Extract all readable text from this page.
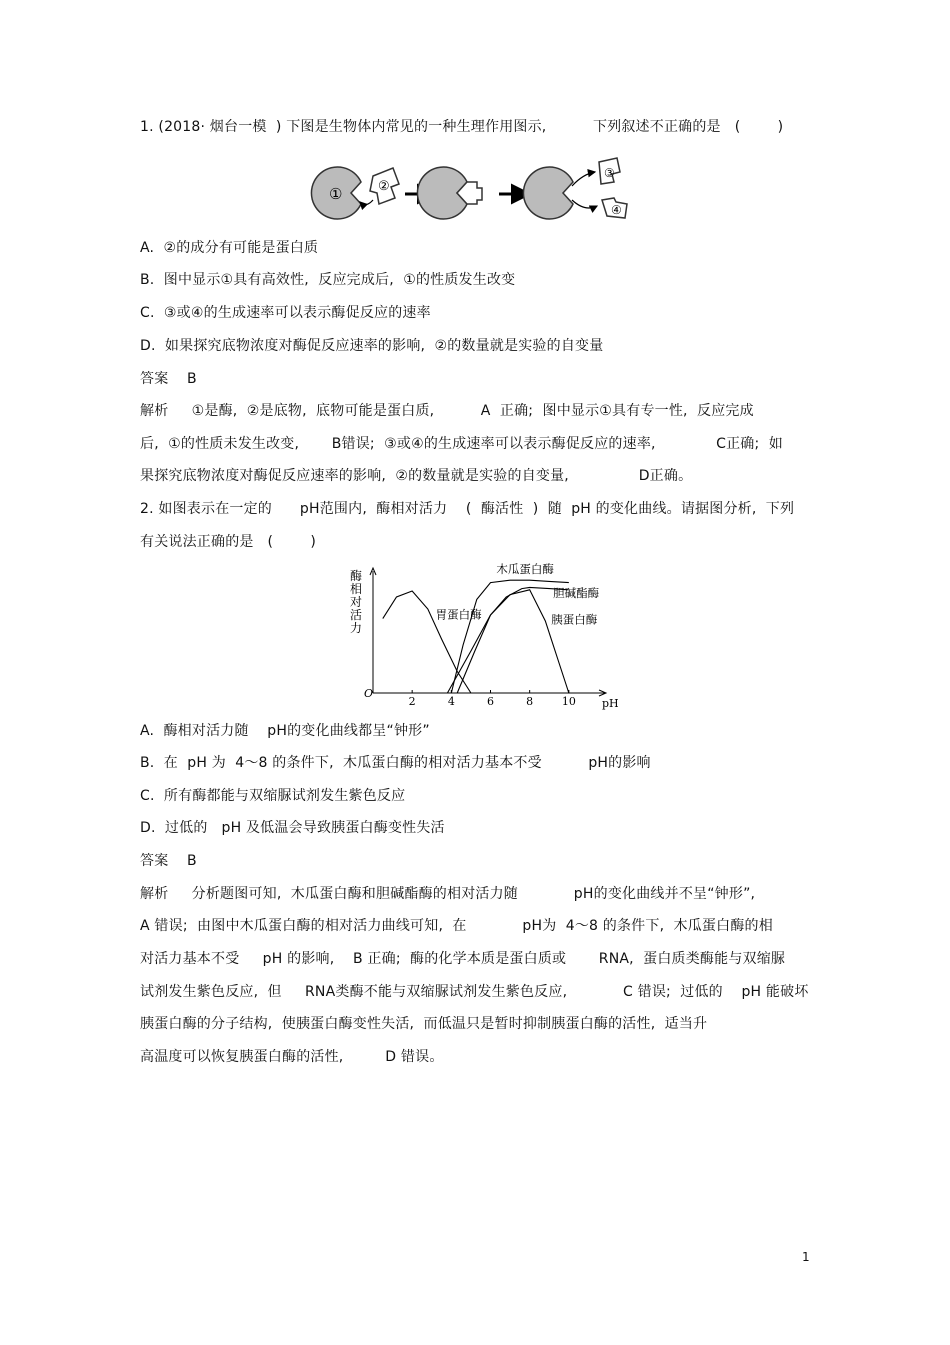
1. (2018· 烟台一模  ) 下图是生物体内常见的一种生理作用图示,          下列叙述不正确的是   (        )
①	②
③
④
A.  ②的成分有可能是蛋白质
B.  图中显示①具有高效性,  反应完成后,  ①的性质发生改变
C.  ③或④的生成速率可以表示酶促反应的速率
D.  如果探究底物浓度对酶促反应速率的影响,  ②的数量就是实验的自变量
答案    B
解析     ①是酶,  ②是底物,  底物可能是蛋白质,          A  正确;  图中显示①具有专一性,  反应完成
后,  ①的性质未发生改变,       B错误;  ③或④的生成速率可以表示酶促反应的速率,             C正确;  如
果探究底物浓度对酶促反应速率的影响,  ②的数量就是实验的自变量,               D正确。
2. 如图表示在一定的      pH范围内,  酶相对活力    (  酶活性  )  随  pH 的变化曲线。请据图分析,  下列
有关说法正确的是   (        )
2	4	6	8	10
O
pH
酶
相
对
活
力
胃蛋白酶
木瓜蛋白酶
胆碱酯酶
胰蛋白酶
A.  酶相对活力随    pH的变化曲线都呈“钟形”
B.  在  pH 为  4～8 的条件下,  木瓜蛋白酶的相对活力基本不受          pH的影响
C.  所有酶都能与双缩脲试剂发生紫色反应
D.  过低的   pH 及低温会导致胰蛋白酶变性失活
答案    B
解析     分析题图可知,  木瓜蛋白酶和胆碱酯酶的相对活力随            pH的变化曲线并不呈“钟形”,
A 错误;  由图中木瓜蛋白酶的相对活力曲线可知,  在            pH为  4～8 的条件下,  木瓜蛋白酶的相
对活力基本不受     pH 的影响,    B 正确;  酶的化学本质是蛋白质或       RNA,  蛋白质类酶能与双缩脲
试剂发生紫色反应,  但     RNA类酶不能与双缩脲试剂发生紫色反应,            C 错误;  过低的    pH 能破坏
胰蛋白酶的分子结构,  使胰蛋白酶变性失活,  而低温只是暂时抑制胰蛋白酶的活性,  适当升
高温度可以恢复胰蛋白酶的活性,         D 错误。
1
